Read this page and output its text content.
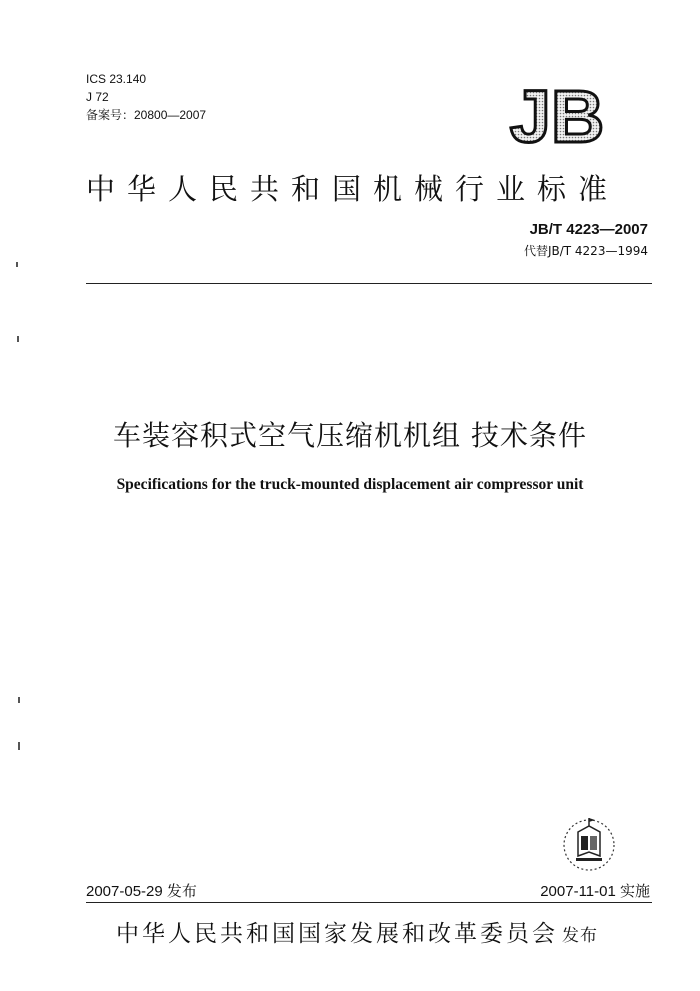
ICS 23.140
J 72
备案号：20800—2007	JB
中华人民共和国机械行业标准
JB/T 4223—2007
代替JB/T 4223—1994
车装容积式空气压缩机机组 技术条件
Specifications for the truck-mounted displacement air compressor unit
2007-05-29 发布	2007-11-01 实施
中华人民共和国国家发展和改革委员会 发布
